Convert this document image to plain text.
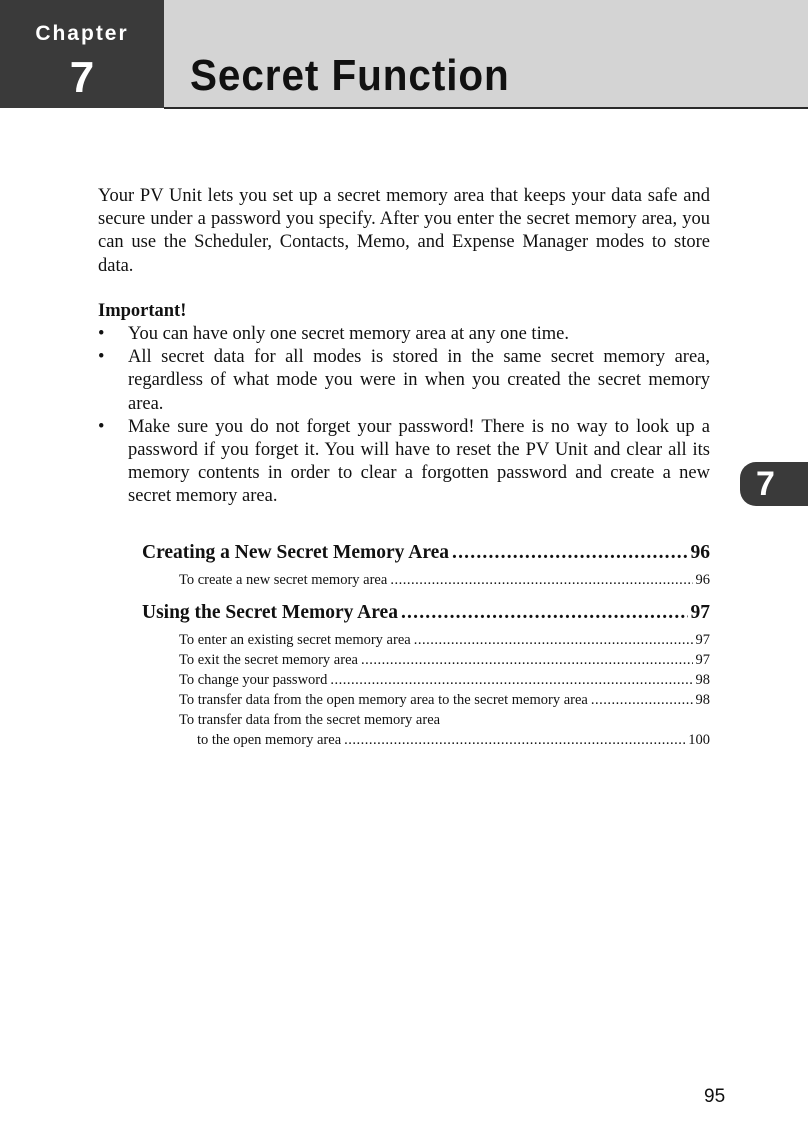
Chapter
7	Secret Function
7

Your PV Unit lets you set up a secret memory area that keeps your data safe and secure under a password you specify. After you enter the secret memory area, you can use the Scheduler, Contacts, Memo, and Expense Manager modes to store data.

Important!
• You can have only one secret memory area at any one time.
• All secret data for all modes is stored in the same secret memory area, regardless of what mode you were in when you created the secret memory area.
• Make sure you do not forget your password! There is no way to look up a password if you forget it. You will have to reset the PV Unit and clear all its memory contents in order to clear a forgotten password and create a new secret memory area.
Creating a New Secret Memory Area .....	96
To create a new secret memory area .....	96
Using the Secret Memory Area .....	97
To enter an existing secret memory area .....	97
To exit the secret memory area .....	97
To change your password .....	98
To transfer data from the open memory area to the secret memory area .....	98
To transfer data from the secret memory area
to the open memory area .....	100
95
